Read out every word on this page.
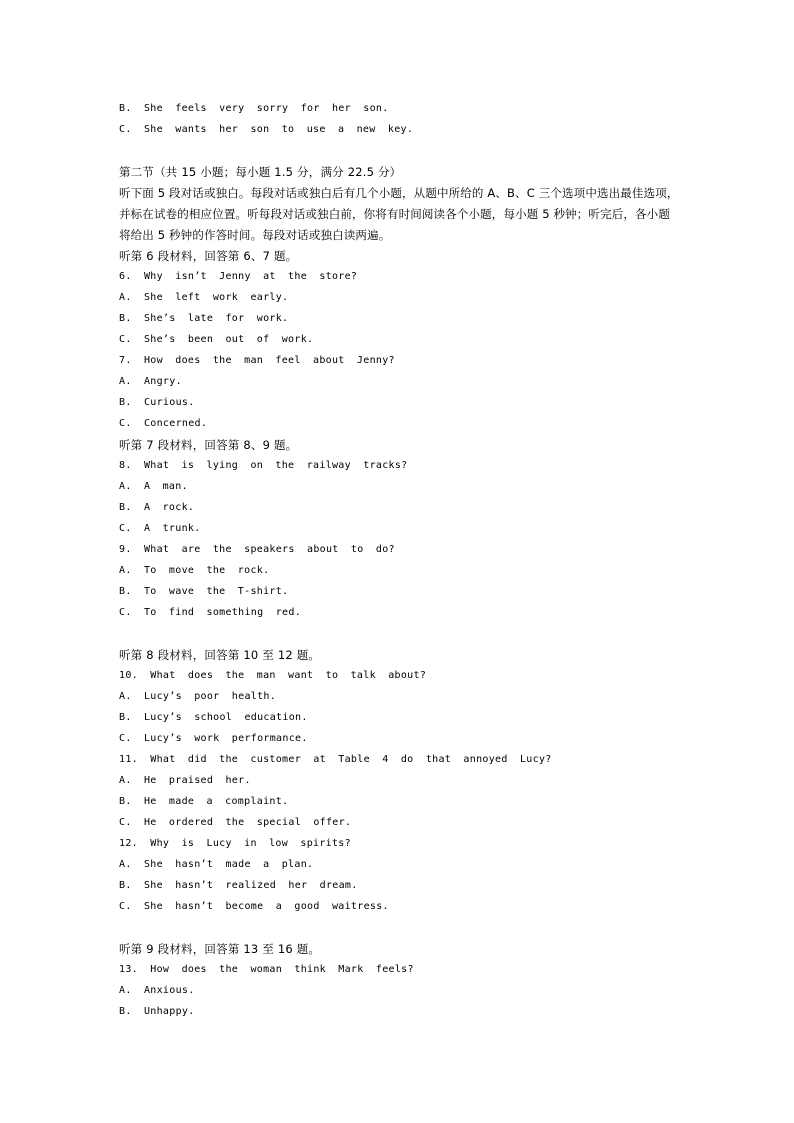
B. She feels very sorry for her son.
C. She wants her son to use a new key.
第二节（共 15 小题；每小题 1.5 分，满分 22.5 分）
听下面 5 段对话或独白。每段对话或独白后有几个小题，从题中所给的 A、B、C 三个选项中选出最佳选项，并标在试卷的相应位置。听每段对话或独白前，你将有时间阅读各个小题，每小题 5 秒钟；听完后，各小题将给出 5 秒钟的作答时间。每段对话或独白读两遍。
听第 6 段材料，回答第 6、7 题。
6. Why isn’t Jenny at the store?
A. She left work early.
B. She’s late for work.
C. She’s been out of work.
7. How does the man feel about Jenny?
A. Angry.
B. Curious.
C. Concerned.
听第 7 段材料，回答第 8、9 题。
8. What is lying on the railway tracks?
A. A man.
B. A rock.
C. A trunk.
9. What are the speakers about to do?
A. To move the rock.
B. To wave the T-shirt.
C. To find something red.
听第 8 段材料，回答第 10 至 12 题。
10. What does the man want to talk about?
A. Lucy’s poor health.
B. Lucy’s school education.
C. Lucy’s work performance.
11. What did the customer at Table 4 do that annoyed Lucy?
A. He praised her.
B. He made a complaint.
C. He ordered the special offer.
12. Why is Lucy in low spirits?
A. She hasn’t made a plan.
B. She hasn’t realized her dream.
C. She hasn’t become a good waitress.
听第 9 段材料，回答第 13 至 16 题。
13. How does the woman think Mark feels?
A. Anxious.
B. Unhappy.
